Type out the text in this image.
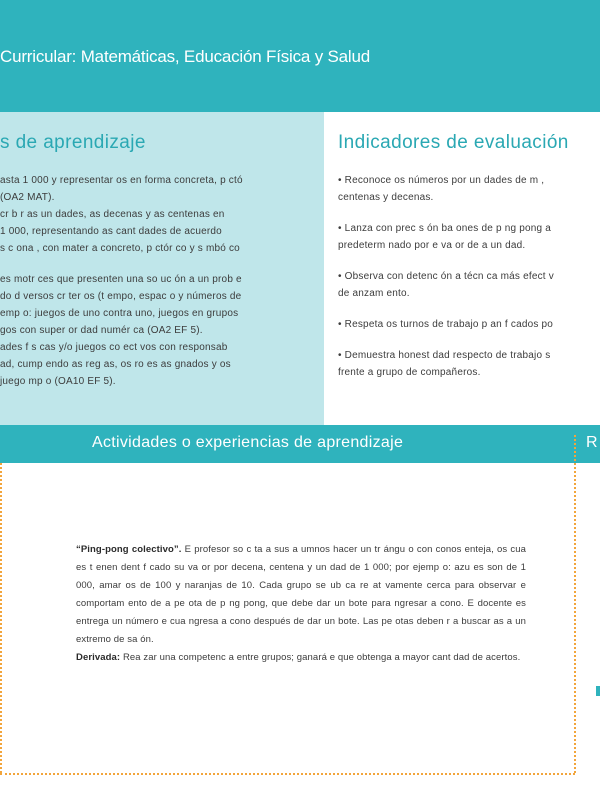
Curricular: Matemáticas, Educación Física y Salud
s de aprendizaje
asta 1 000 y representar os en forma concreta, p ctó
(OA2 MAT).
cr b r as un dades, as decenas y as centenas en
1 000, representando as cant dades de acuerdo
s c ona , con mater a concreto, p ctór co y s mbó co
es motr ces que presenten una so uc ón a un prob e
do d versos cr ter os (t empo, espac o y números de
emp o: juegos de uno contra uno, juegos en grupos
gos con super or dad numér ca (OA2 EF 5).
ades f s cas y/o juegos co ect vos con responsab
ad, cump endo as reg as, os ro es as gnados y os
juego mp o (OA10 EF 5).
Indicadores de evaluación
• Reconoce os números por un dades de m ,
centenas y decenas.
• Lanza con prec s ón ba ones de p ng pong a
predeterm nado por e va or de a un dad.
• Observa con detenc ón a técn ca más efect v
de anzam ento.
• Respeta os turnos de trabajo p an f cados po
• Demuestra honest dad respecto de trabajo s
frente a grupo de compañeros.
Actividades o experiencias de aprendizaje	R
“Ping-pong colectivo”. E profesor so c ta a sus a umnos hacer un tr ángu o con conos enteja, os cua es t enen dent f cado su va or por decena, centena y un dad de 1 000; por ejemp o: azu es son de 1 000, amar os de 100 y naranjas de 10. Cada grupo se ub ca re at vamente cerca para observar e comportam ento de a pe ota de p ng pong, que debe dar un bote para ngresar a cono. E docente es entrega un número e cua ngresa a cono después de dar un bote. Las pe otas deben r a buscar as a un extremo de sa ón.
Derivada: Rea zar una competenc a entre grupos; ganará e que obtenga a mayor cant dad de acertos.
